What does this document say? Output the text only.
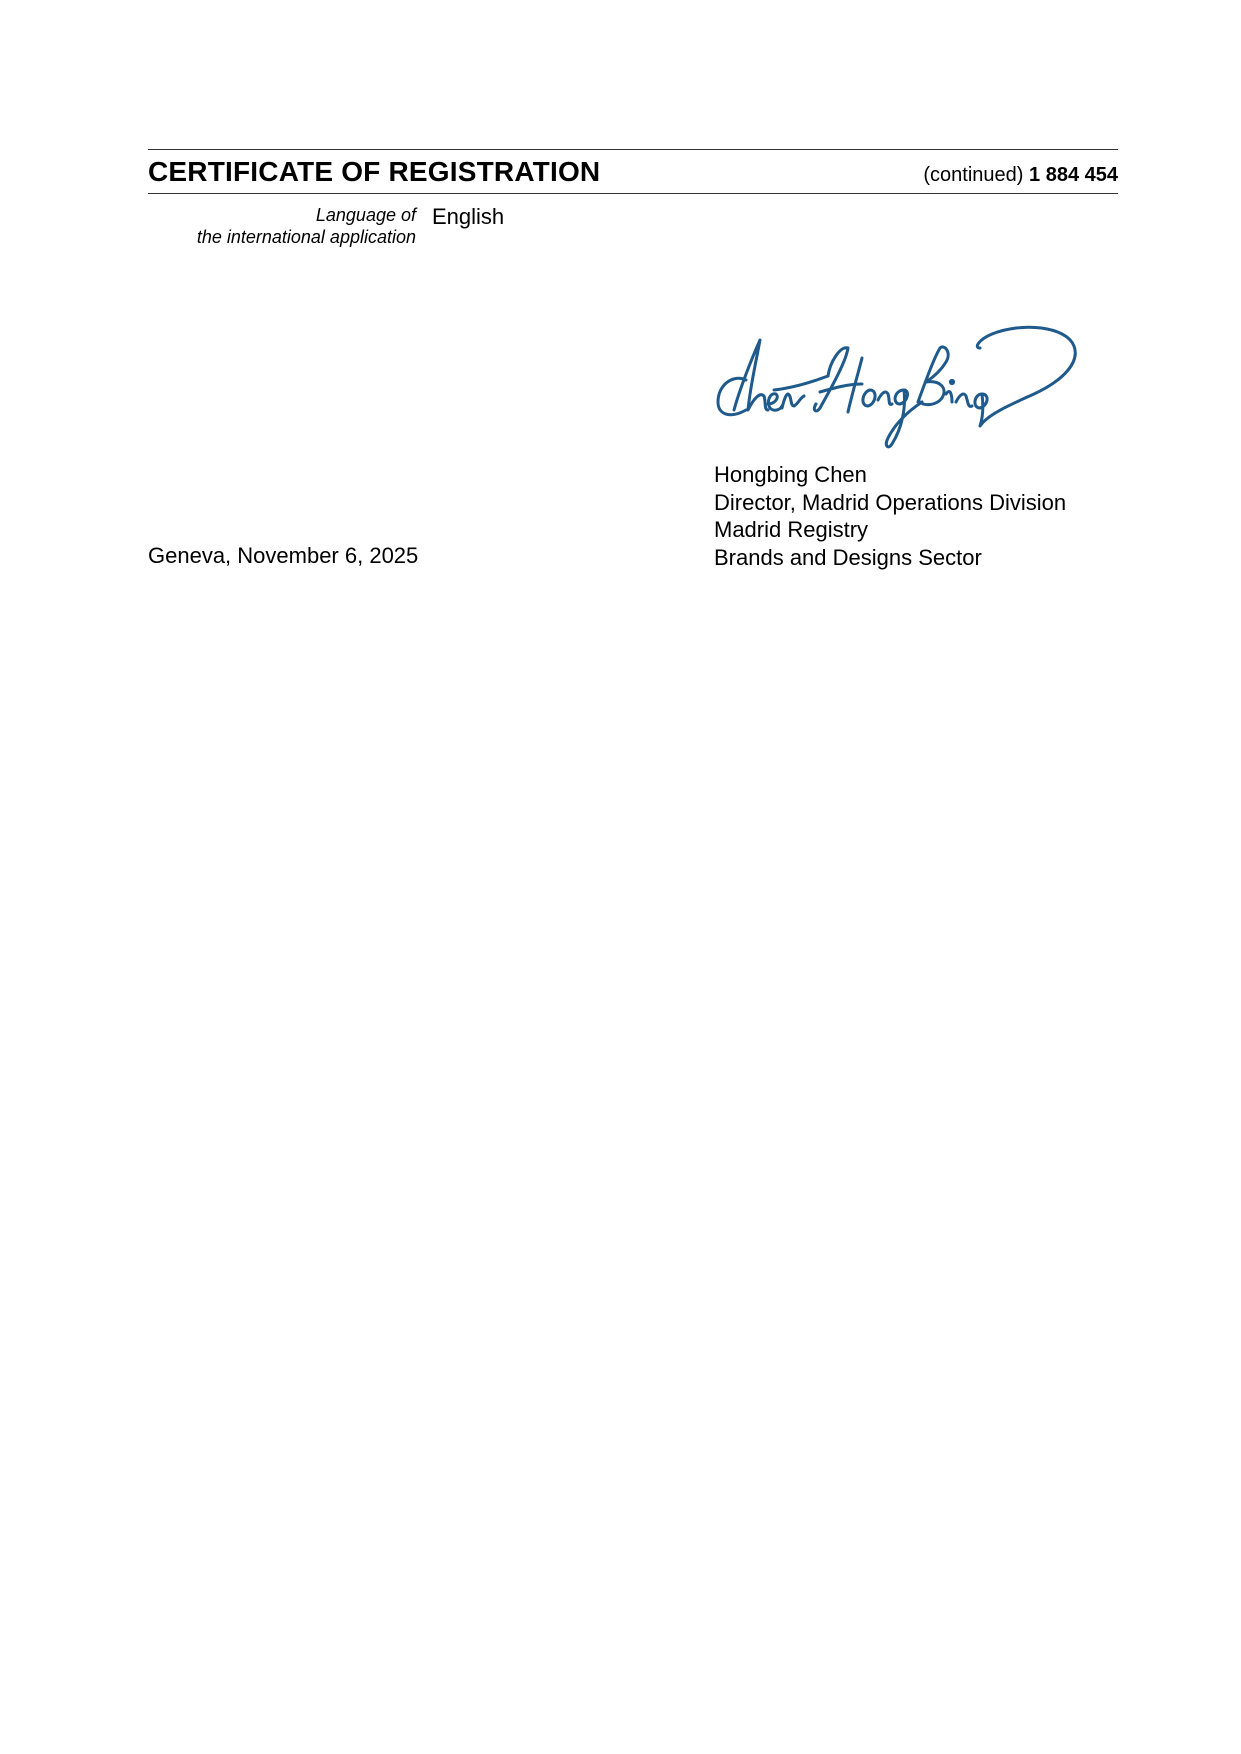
CERTIFICATE OF REGISTRATION	(continued) 1 884 454
Language of
the international application
English
Hongbing Chen
Director, Madrid Operations Division
Madrid Registry
Brands and Designs Sector
Geneva, November 6, 2025
